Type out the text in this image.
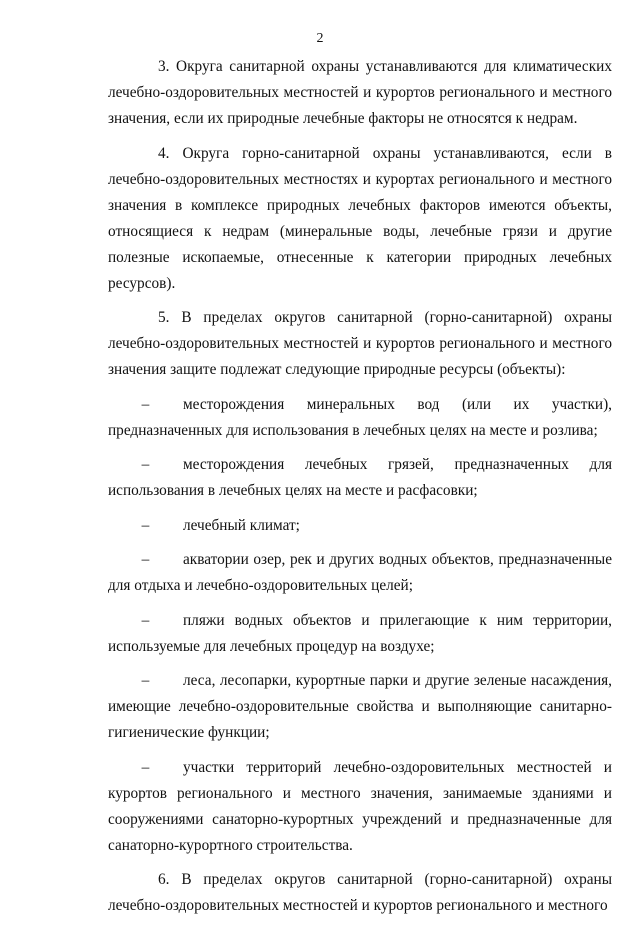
2

3. Округа санитарной охраны устанавливаются для климатических лечебно-оздоровительных местностей и курортов регионального и местного значения, если их природные лечебные факторы не относятся к недрам.

4. Округа горно-санитарной охраны устанавливаются, если в лечебно-оздоровительных местностях и курортах регионального и местного значения в комплексе природных лечебных факторов имеются объекты, относящиеся к недрам (минеральные воды, лечебные грязи и другие полезные ископаемые, отнесенные к категории природных лечебных ресурсов).

5. В пределах округов санитарной (горно-санитарной) охраны лечебно-оздоровительных местностей и курортов регионального и местного значения защите подлежат следующие природные ресурсы (объекты):

– месторождения минеральных вод (или их участки), предназначенных для использования в лечебных целях на месте и розлива;

– месторождения лечебных грязей, предназначенных для использования в лечебных целях на месте и расфасовки;

– лечебный климат;

– акватории озер, рек и других водных объектов, предназначенные для отдыха и лечебно-оздоровительных целей;

– пляжи водных объектов и прилегающие к ним территории, используемые для лечебных процедур на воздухе;

– леса, лесопарки, курортные парки и другие зеленые насаждения, имеющие лечебно-оздоровительные свойства и выполняющие санитарно-гигиенические функции;

– участки территорий лечебно-оздоровительных местностей и курортов регионального и местного значения, занимаемые зданиями и сооружениями санаторно-курортных учреждений и предназначенные для санаторно-курортного строительства.

6. В пределах округов санитарной (горно-санитарной) охраны лечебно-оздоровительных местностей и курортов регионального и местного
